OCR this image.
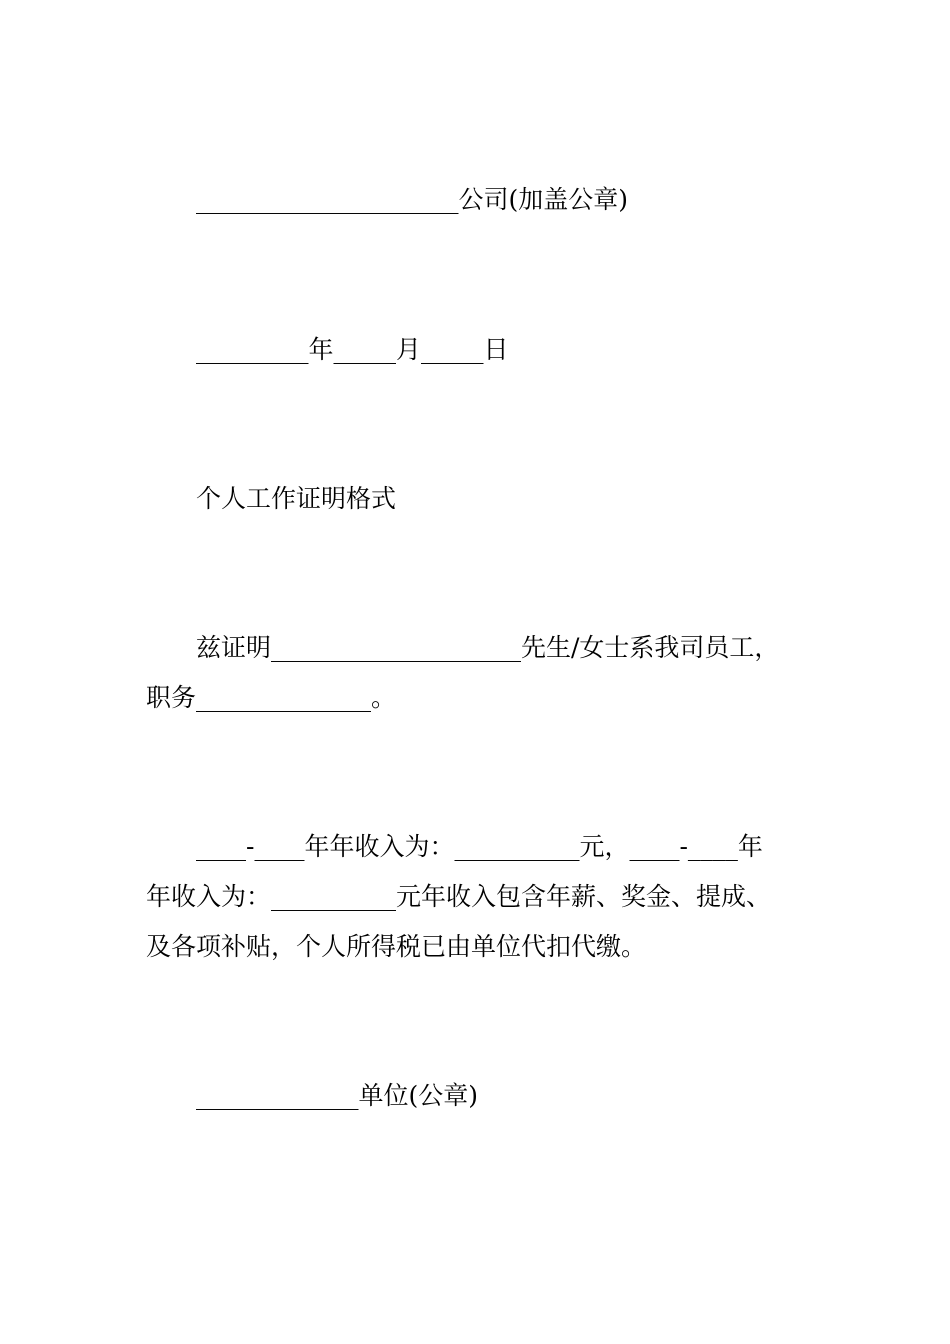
_____________________公司(加盖公章)
_________年_____月_____日
个人工作证明格式
兹证明____________________先生/女士系我司员工，
职务______________。
____-____年年收入为：__________元，____-____年
年收入为：__________元年收入包含年薪、奖金、提成、
及各项补贴，个人所得税已由单位代扣代缴。
_____________单位(公章)
